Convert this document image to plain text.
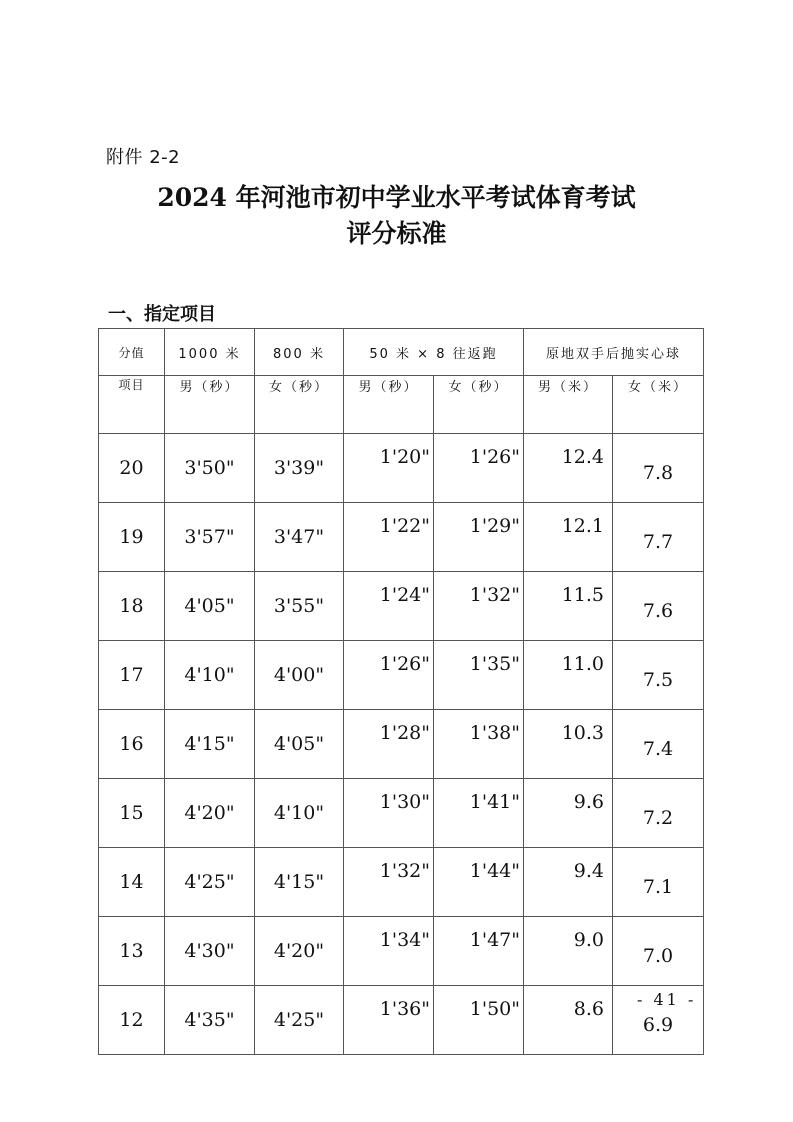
附件 2-2
2024 年河池市初中学业水平考试体育考试
评分标准
一、指定项目
分值	1000 米	800 米	50 米 × 8 往返跑		原地双手后抛实心球	
项目	男（秒）	女（秒）	男（秒）	女（秒）	男（米）	女（米）
20	3'50"	3'39"	1'20"	1'26"	12.4	7.8
19	3'57"	3'47"	1'22"	1'29"	12.1	7.7
18	4'05"	3'55"	1'24"	1'32"	11.5	7.6
17	4'10"	4'00"	1'26"	1'35"	11.0	7.5
16	4'15"	4'05"	1'28"	1'38"	10.3	7.4
15	4'20"	4'10"	1'30"	1'41"	9.6	7.2
14	4'25"	4'15"	1'32"	1'44"	9.4	7.1
13	4'30"	4'20"	1'34"	1'47"	9.0	7.0
12	4'35"	4'25"	1'36"	1'50"	8.6	6.9
- 41 -
